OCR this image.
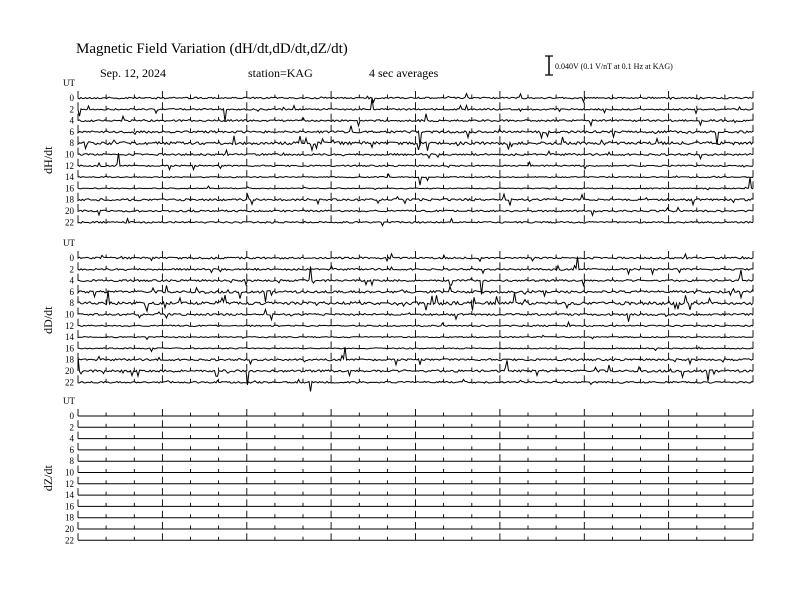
Magnetic Field Variation (dH/dt,dD/dt,dZ/dt)
Sep. 12, 2024	station=KAG	4 sec averages	0.040V (0.1 V/nT at 0.1 Hz at KAG)
UT
dH/dt
0
2
4
6
8
10
12
14
16
18
20
22
UT
dD/dt
0
2
4
6
8
10
12
14
16
18
20
22
UT
dZ/dt
0
2
4
6
8
10
12
14
16
18
20
22
